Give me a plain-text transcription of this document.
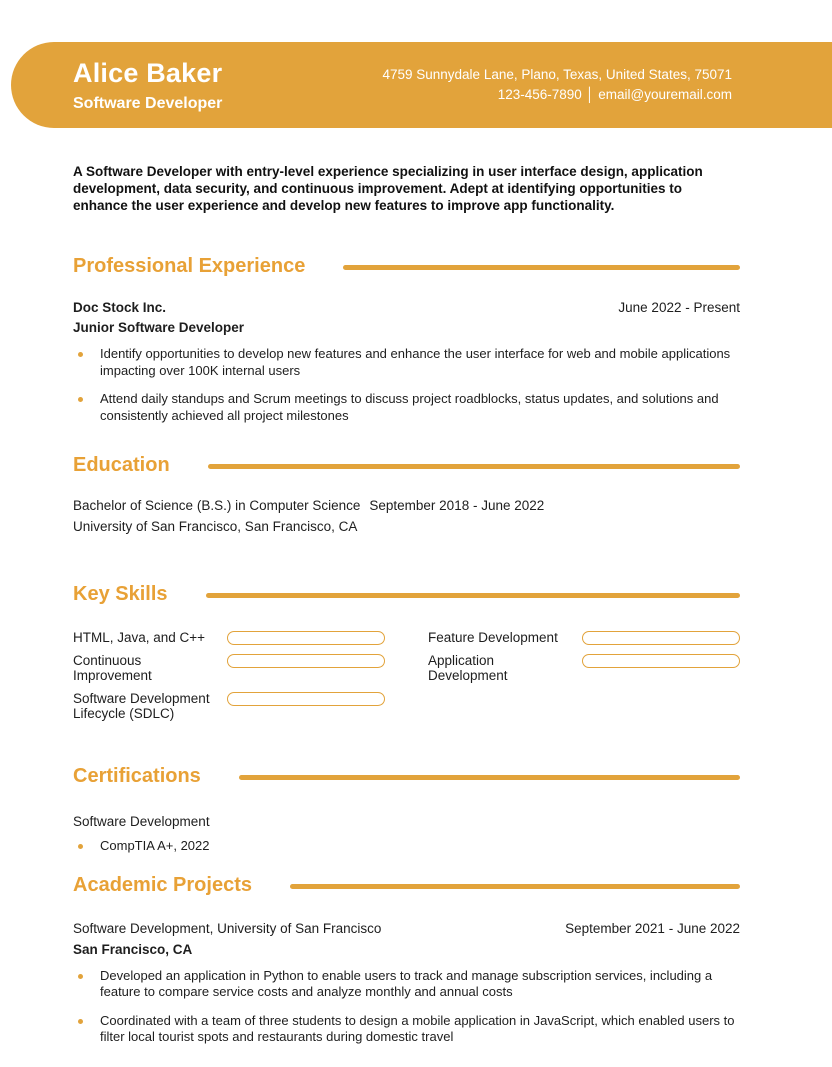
Alice Baker
Software Developer
4759 Sunnydale Lane, Plano, Texas, United States, 75071
123-456-7890 │ email@youremail.com

A Software Developer with entry-level experience specializing in user interface design, application development, data security, and continuous improvement. Adept at identifying opportunities to enhance the user experience and develop new features to improve app functionality.

Professional Experience
Doc Stock Inc.	June 2022 - Present
Junior Software Developer
Identify opportunities to develop new features and enhance the user interface for web and mobile applications impacting over 100K internal users
Attend daily standups and Scrum meetings to discuss project roadblocks, status updates, and solutions and consistently achieved all project milestones
Education
Bachelor of Science (B.S.) in Computer Science September 2018 - June 2022
University of San Francisco, San Francisco, CA
Key Skills
HTML, Java, and C++
Continuous Improvement
Software Development Lifecycle (SDLC)
Feature Development
Application Development
Certifications
Software Development
CompTIA A+, 2022
Academic Projects
Software Development, University of San Francisco	September 2021 - June 2022
San Francisco, CA
Developed an application in Python to enable users to track and manage subscription services, including a feature to compare service costs and analyze monthly and annual costs
Coordinated with a team of three students to design a mobile application in JavaScript, which enabled users to filter local tourist spots and restaurants during domestic travel
